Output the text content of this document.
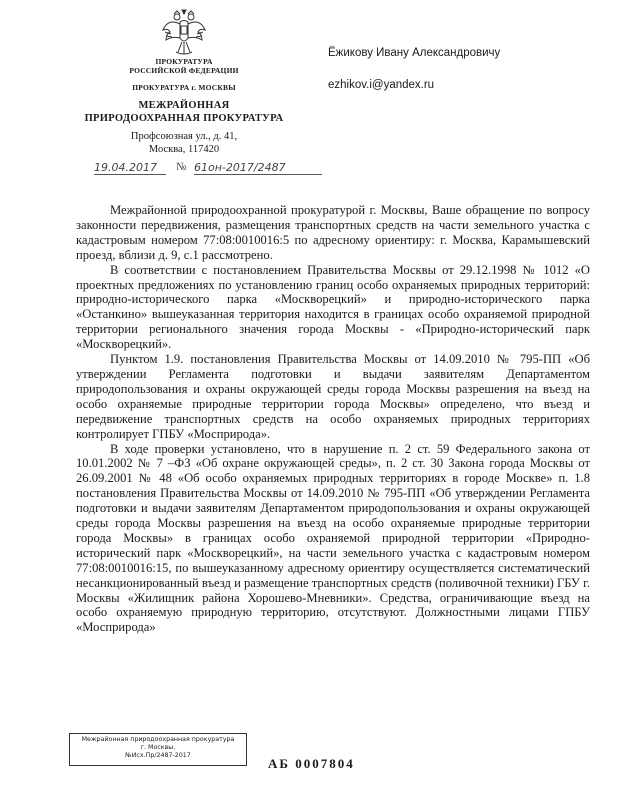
ПРОКУРАТУРА
РОССИЙСКОЙ ФЕДЕРАЦИИ
ПРОКУРАТУРА г. МОСКВЫ
МЕЖРАЙОННАЯ
ПРИРОДООХРАННАЯ ПРОКУРАТУРА
Профсоюзная ул., д. 41,
Москва, 117420
19.04.2017	№ 61он-2017/2487
Ёжикову Ивану Александровичу
ezhikov.i@yandex.ru

Межрайонной природоохранной прокуратурой г. Москвы, Ваше обращение по вопросу законности передвижения, размещения транспортных средств на части земельного участка с кадастровым номером 77:08:0010016:5 по адресному ориентиру: г. Москва, Карамышевский проезд, вблизи д. 9, с.1 рассмотрено.

В соответствии с постановлением Правительства Москвы от 29.12.1998 № 1012 «О проектных предложениях по установлению границ особо охраняемых природных территорий: природно-исторического парка «Москворецкий» и природно-исторического парка «Останкино» вышеуказанная территория находится в границах особо охраняемой природной территории регионального значения города Москвы - «Природно-исторический парк «Москворецкий».

Пунктом 1.9. постановления Правительства Москвы от 14.09.2010 № 795-ПП «Об утверждении Регламента подготовки и выдачи заявителям Департаментом природопользования и охраны окружающей среды города Москвы разрешения на въезд на особо охраняемые природные территории города Москвы» определено, что въезд и передвижение транспортных средств на особо охраняемых природных территориях контролирует ГПБУ «Мосприрода».

В ходе проверки установлено, что в нарушение п. 2 ст. 59 Федерального закона от 10.01.2002 № 7 –ФЗ «Об охране окружающей среды», п. 2 ст. 30 Закона города Москвы от 26.09.2001 № 48 «Об особо охраняемых природных территориях в городе Москве» п. 1.8 постановления Правительства Москвы от 14.09.2010 № 795-ПП «Об утверждении Регламента подготовки и выдачи заявителям Департаментом природопользования и охраны окружающей среды города Москвы разрешения на въезд на особо охраняемые природные территории города Москвы» в границах особо охраняемой природной территории «Природно-исторический парк «Москворецкий», на части земельного участка с кадастровым номером 77:08:0010016:15, по вышеуказанному адресному ориентиру осуществляется систематический несанкционированный въезд и размещение транспортных средств (поливочной техники) ГБУ г. Москвы «Жилищник района Хорошево-Мневники». Средства, ограничивающие въезд на особо охраняемую природную территорию, отсутствуют. Должностными лицами ГПБУ «Мосприрода»

Межрайонная природоохранная прокуратура
г. Москвы.
№Исх.Пр/2487-2017
АБ 0007804
